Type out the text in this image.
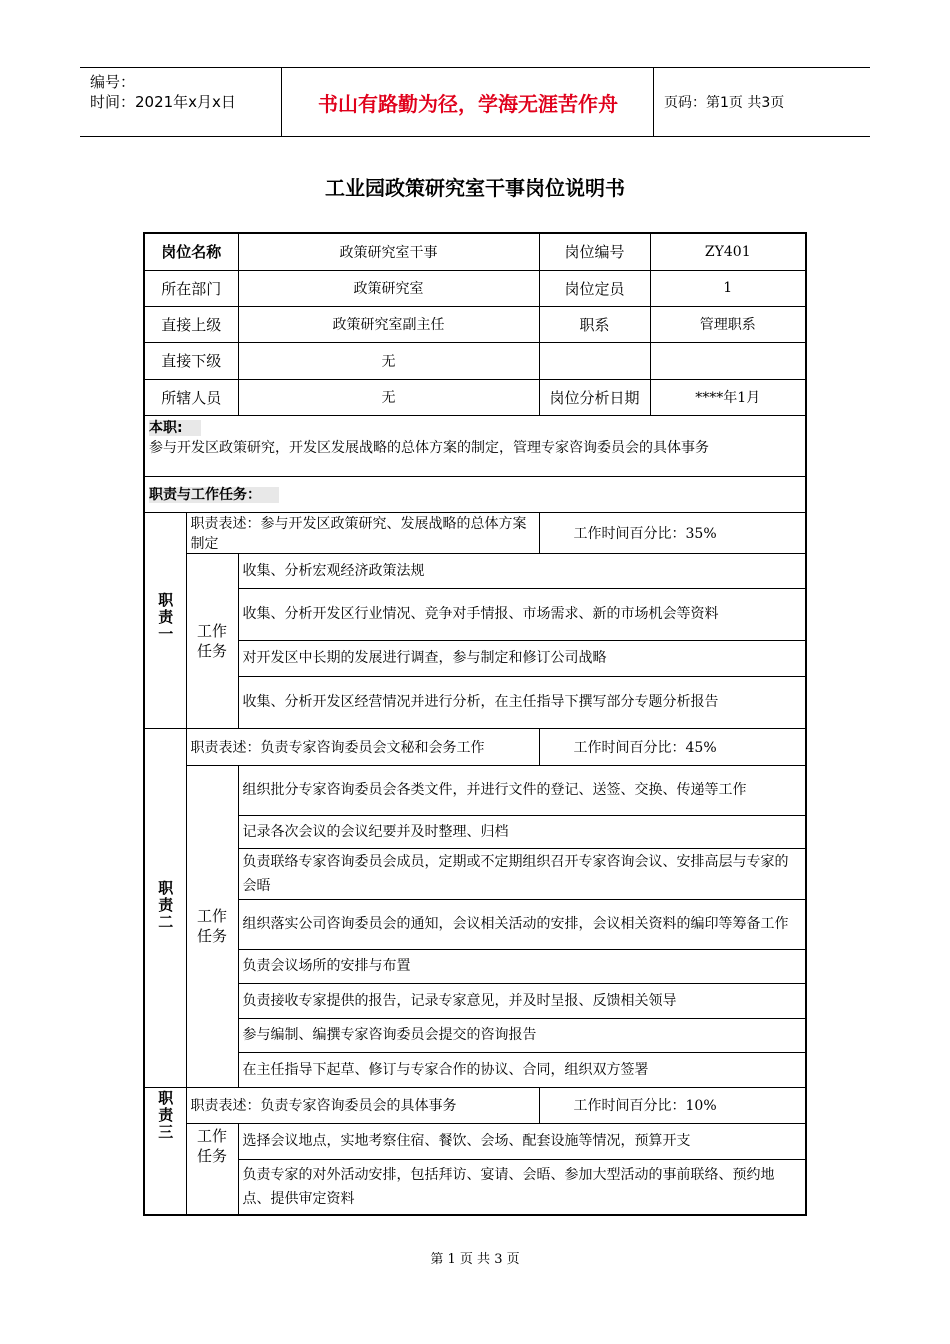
编号：
时间：2021年x月x日	书山有路勤为径，学海无涯苦作舟	页码：第1页 共3页
工业园政策研究室干事岗位说明书
岗位名称		政策研究室干事	岗位编号	ZY401
所在部门		政策研究室	岗位定员	1
直接上级		政策研究室副主任	职系	管理职系
直接下级		无		
所辖人员		无	岗位分析日期	****年1月

本职:
参与开发区政策研究，开发区发展战略的总体方案的制定，管理专家咨询委员会的具体事务				

职责与工作任务：				
职责一	职责表述：参与开发区政策研究、发展战略的总体方案制定		工作时间百分比：35%	
	工作任务	收集、分析宏观经济政策法规		
		收集、分析开发区行业情况、竞争对手情报、市场需求、新的市场机会等资料		
		对开发区中长期的发展进行调查，参与制定和修订公司战略		
		收集、分析开发区经营情况并进行分析，在主任指导下撰写部分专题分析报告		
职责二	职责表述：负责专家咨询委员会文秘和会务工作		工作时间百分比：45%	
	工作任务	组织批分专家咨询委员会各类文件，并进行文件的登记、送签、交换、传递等工作		
		记录各次会议的会议纪要并及时整理、归档		
		负责联络专家咨询委员会成员，定期或不定期组织召开专家咨询会议、安排高层与专家的会晤		
		组织落实公司咨询委员会的通知，会议相关活动的安排，会议相关资料的编印等筹备工作		
		负责会议场所的安排与布置		
		负责接收专家提供的报告，记录专家意见，并及时呈报、反馈相关领导		
		参与编制、编撰专家咨询委员会提交的咨询报告		
		在主任指导下起草、修订与专家合作的协议、合同，组织双方签署		
职责三	职责表述：负责专家咨询委员会的具体事务		工作时间百分比：10%	
	工作任务	选择会议地点，实地考察住宿、餐饮、会场、配套设施等情况，预算开支		
		负责专家的对外活动安排，包括拜访、宴请、会晤、参加大型活动的事前联络、预约地点、提供审定资料		
第 1 页 共 3 页
